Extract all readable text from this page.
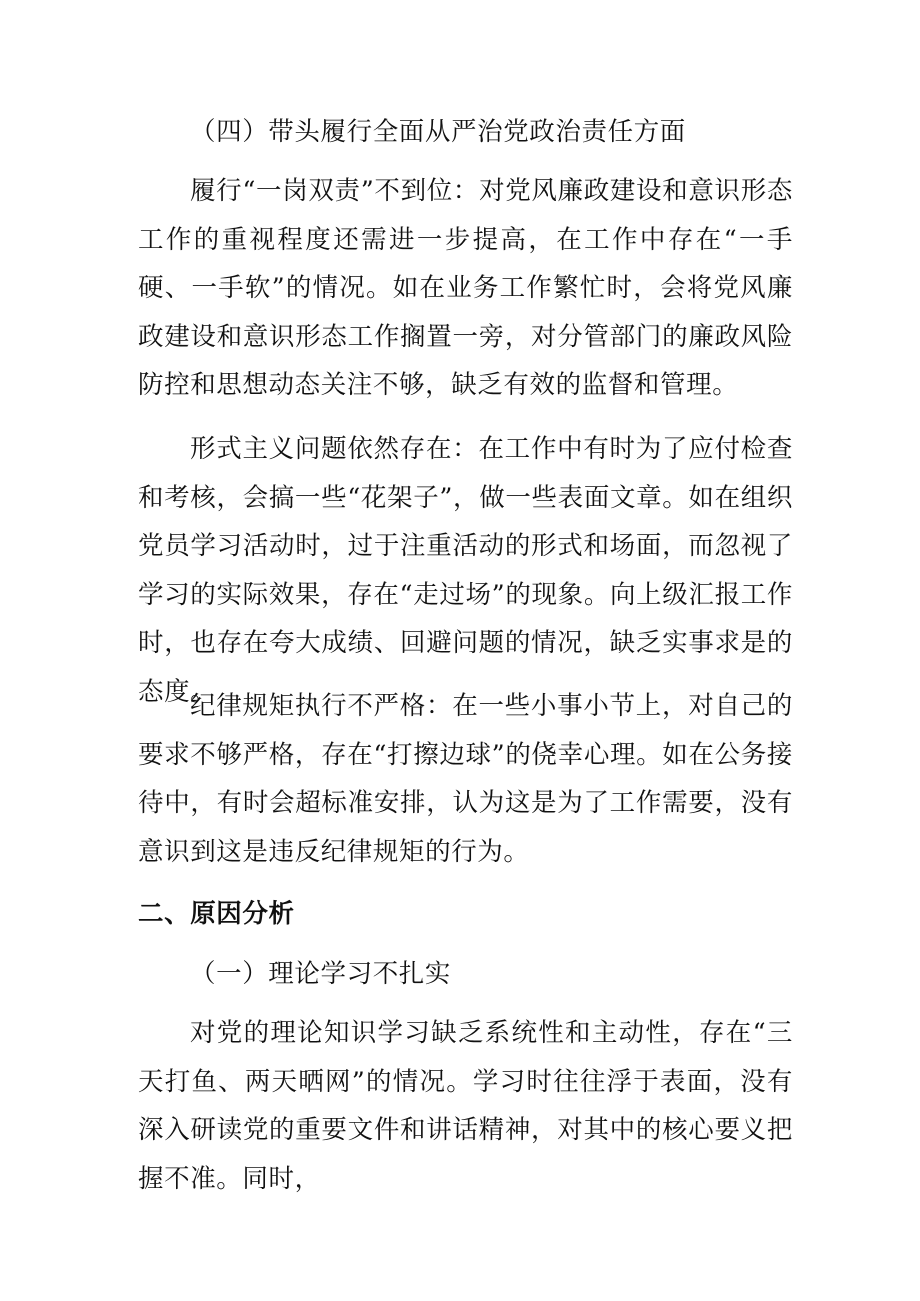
（四）带头履行全面从严治党政治责任方面

履行“一岗双责”不到位：对党风廉政建设和意识形态工作的重视程度还需进一步提高，在工作中存在“一手硬、一手软”的情况。如在业务工作繁忙时，会将党风廉政建设和意识形态工作搁置一旁，对分管部门的廉政风险防控和思想动态关注不够，缺乏有效的监督和管理。

形式主义问题依然存在：在工作中有时为了应付检查和考核，会搞一些“花架子”，做一些表面文章。如在组织党员学习活动时，过于注重活动的形式和场面，而忽视了学习的实际效果，存在“走过场”的现象。向上级汇报工作时，也存在夸大成绩、回避问题的情况，缺乏实事求是的态度。

纪律规矩执行不严格：在一些小事小节上，对自己的要求不够严格，存在“打擦边球”的侥幸心理。如在公务接待中，有时会超标准安排，认为这是为了工作需要，没有意识到这是违反纪律规矩的行为。

二、原因分析

（一）理论学习不扎实

对党的理论知识学习缺乏系统性和主动性，存在“三天打鱼、两天晒网”的情况。学习时往往浮于表面，没有深入研读党的重要文件和讲话精神，对其中的核心要义把握不准。同时，
